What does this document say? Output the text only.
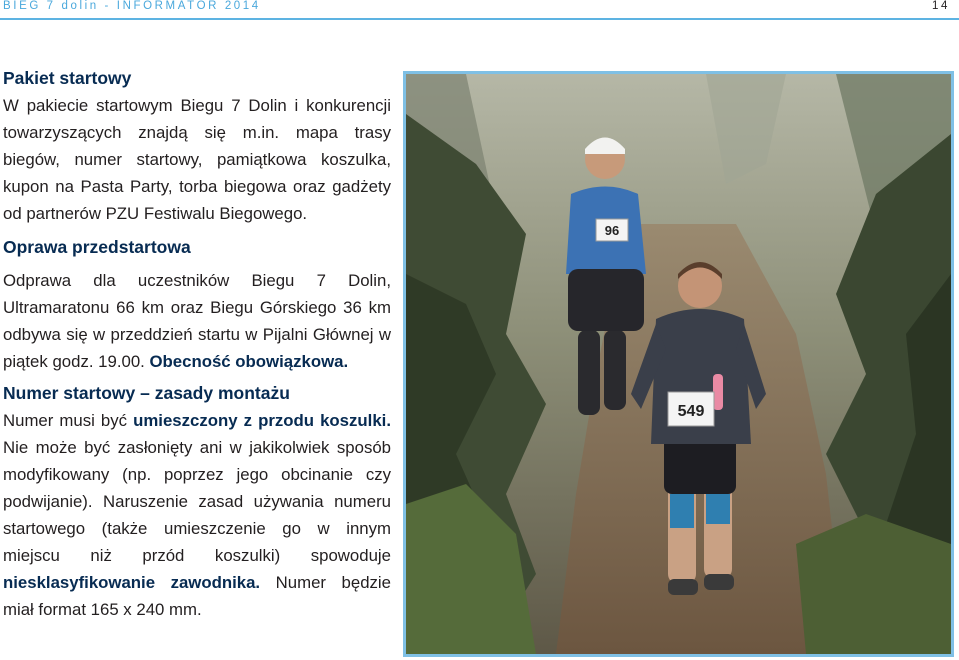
BIEG 7 dolin - INFORMATOR 2014	14
Pakiet startowy

W pakiecie startowym Biegu 7 Dolin i konkurencji towarzyszących znajdą się m.in. mapa trasy biegów, numer startowy, pamiątkowa koszulka, kupon na Pasta Party, torba biegowa oraz gadżety od partnerów PZU Festiwalu Biegowego.

Oprawa przedstartowa

Odprawa dla uczestników Biegu 7 Dolin, Ultramaratonu 66 km oraz Biegu Górskiego 36 km odbywa się w przeddzień startu w Pijalni Głównej w piątek godz. 19.00. Obecność obowiązkowa.

Numer startowy – zasady montażu

Numer musi być umieszczony z przodu koszulki. Nie może być zasłonięty ani w jakikolwiek sposób modyfikowany (np. poprzez jego obcinanie czy podwijanie). Naruszenie zasad używania numeru startowego (także umieszczenie go w innym miejscu niż przód koszulki) spowoduje niesklasyfikowanie zawodnika. Numer będzie miał format 165 x 240 mm.

96
549
